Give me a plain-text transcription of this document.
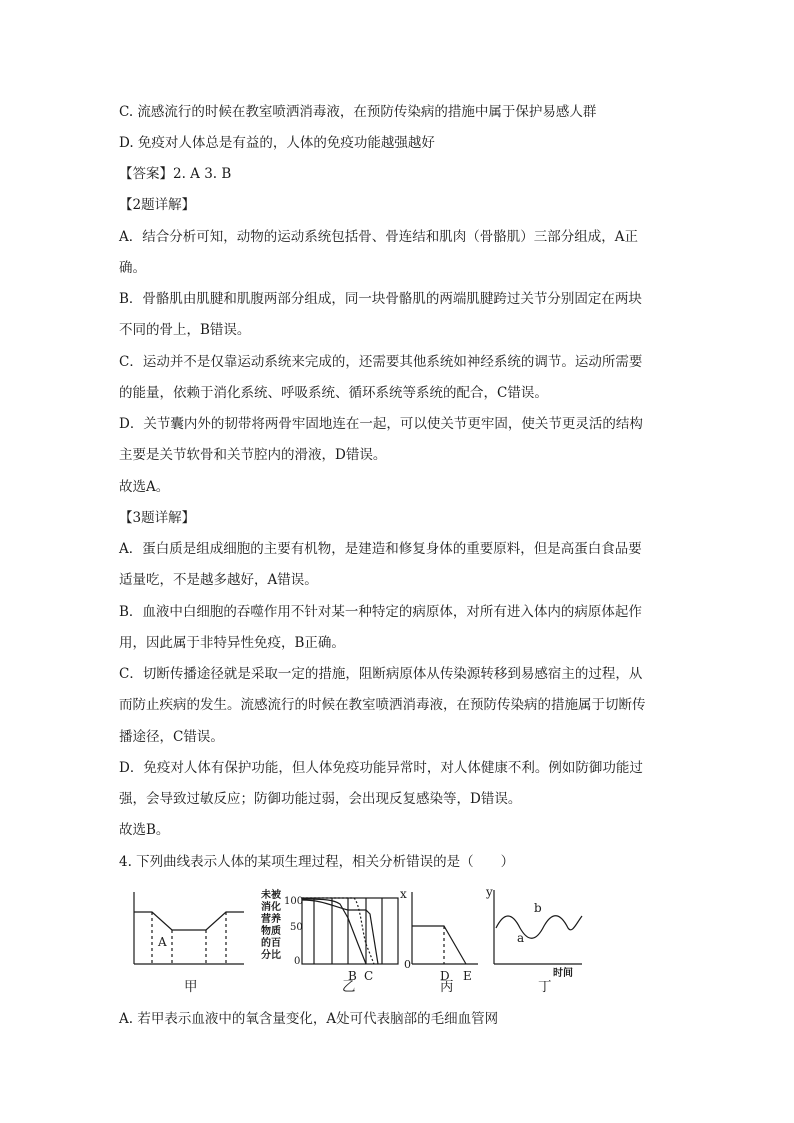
C. 流感流行的时候在教室喷洒消毒液，在预防传染病的措施中属于保护易感人群
D. 免疫对人体总是有益的，人体的免疫功能越强越好
【答案】2. A 3. B
【2题详解】
A．结合分析可知，动物的运动系统包括骨、骨连结和肌肉（骨骼肌）三部分组成，A正
确。
B．骨骼肌由肌腱和肌腹两部分组成，同一块骨骼肌的两端肌腱跨过关节分别固定在两块
不同的骨上，B错误。
C．运动并不是仅靠运动系统来完成的，还需要其他系统如神经系统的调节。运动所需要
的能量，依赖于消化系统、呼吸系统、循环系统等系统的配合，C错误。
D．关节囊内外的韧带将两骨牢固地连在一起，可以使关节更牢固，使关节更灵活的结构
主要是关节软骨和关节腔内的滑液，D错误。
故选A。
【3题详解】
A．蛋白质是组成细胞的主要有机物，是建造和修复身体的重要原料，但是高蛋白食品要
适量吃，不是越多越好，A错误。
B．血液中白细胞的吞噬作用不针对某一种特定的病原体，对所有进入体内的病原体起作
用，因此属于非特异性免疫，B正确。
C．切断传播途径就是采取一定的措施，阻断病原体从传染源转移到易感宿主的过程，从
而防止疾病的发生。流感流行的时候在教室喷洒消毒液，在预防传染病的措施属于切断传
播途径，C错误。
D．免疫对人体有保护功能，但人体免疫功能异常时，对人体健康不利。例如防御功能过
强，会导致过敏反应；防御功能过弱，会出现反复感染等，D错误。
故选B。
4. 下列曲线表示人体的某项生理过程，相关分析错误的是（　　）
A
未被
消化
营养
物质
的百
分比
100
50
0
B C
x
0
D E
y
a
b
时间
甲	乙	丙	丁
A. 若甲表示血液中的氧含量变化，A处可代表脑部的毛细血管网
